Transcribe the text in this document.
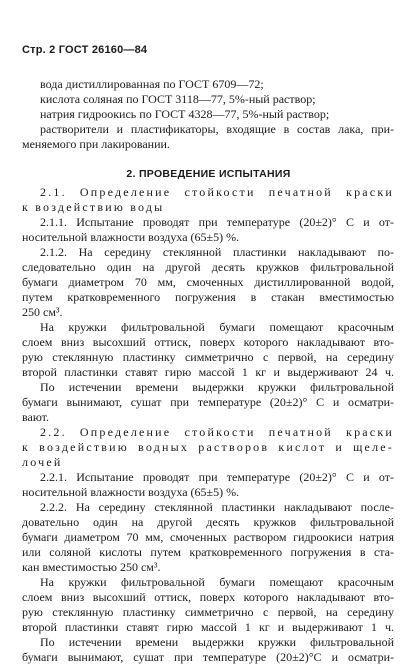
Стр. 2 ГОСТ 26160—84
вода дистиллированная по ГОСТ 6709—72;
кислота соляная по ГОСТ 3118—77, 5%-ный раствор;
натрия гидроокись по ГОСТ 4328—77, 5%-ный раствор;
растворители и пластификаторы, входящие в состав лака, при-
меняемого при лакировании.
2. ПРОВЕДЕНИЕ ИСПЫТАНИЯ
2.1. Определение стойкости печатной краски
к воздействию воды
2.1.1. Испытание проводят при температуре (20±2)° С и от-
носительной влажности воздуха (65±5) %.
2.1.2. На середину стеклянной пластинки накладывают по-
следовательно один на другой десять кружков фильтровальной
бумаги диаметром 70 мм, смоченных дистиллированной водой,
путем кратковременного погружения в стакан вместимостью
250 см³.
На кружки фильтровальной бумаги помещают красочным
слоем вниз высохший оттиск, поверх которого накладывают вто-
рую стеклянную пластинку симметрично с первой, на середину
второй пластинки ставят гирю массой 1 кг и выдерживают 24 ч.
По истечении времени выдержки кружки фильтровальной
бумаги вынимают, сушат при температуре (20±2)° С и осматри-
вают.
2.2. Определение стойкости печатной краски
к воздействию водных растворов кислот и щеле-
лочей
2.2.1. Испытание проводят при температуре (20±2)° С и от-
носительной влажности воздуха (65±5) %.
2.2.2. На середину стеклянной пластинки накладывают после-
довательно один на другой десять кружков фильтровальной
бумаги диаметром 70 мм, смоченных раствором гидроокиси натрия
или соляной кислоты путем кратковременного погружения в ста-
кан вместимостью 250 см³.
На кружки фильтровальной бумаги помещают красочным
слоем вниз высохший оттиск, поверх которого накладывают вто-
рую стеклянную пластинку симметрично с первой, на середину
второй пластинки ставят гирю массой 1 кг и выдерживают 1 ч.
По истечении времени выдержки кружки фильтровальной
бумаги вынимают, сушат при температуре (20±2)°С и осматри-
